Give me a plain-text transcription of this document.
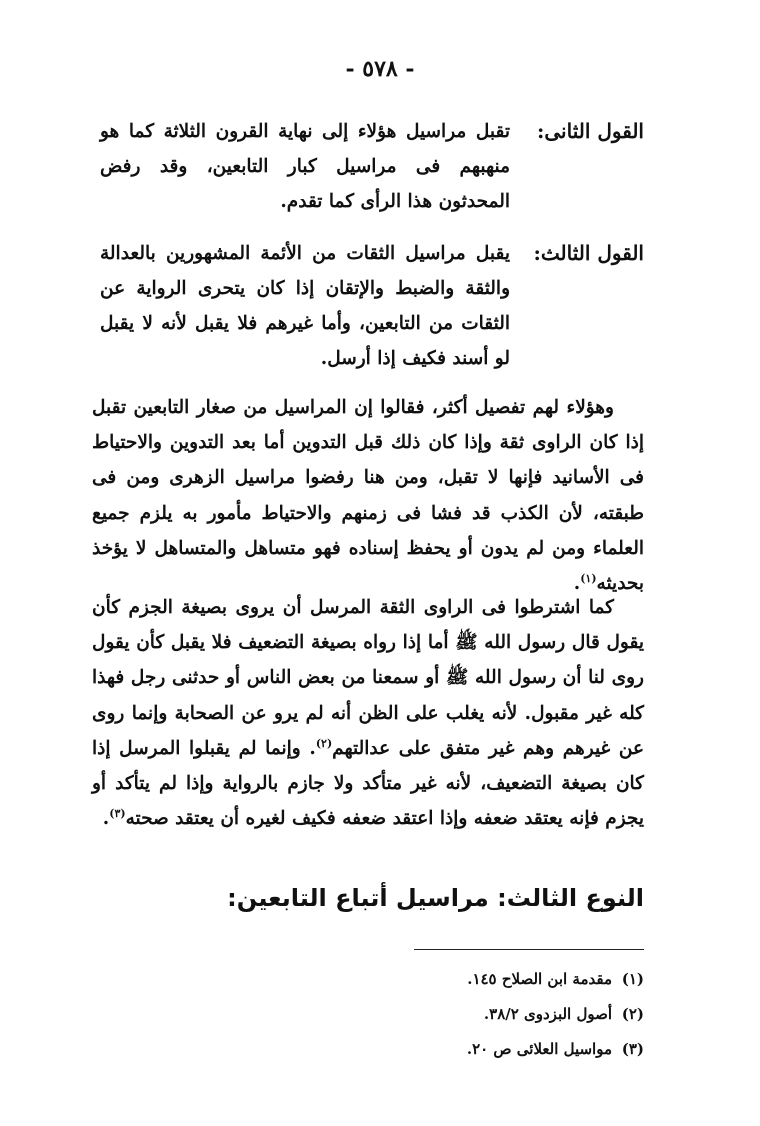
- ٥٧٨ -
القول الثانى:
تقبل مراسيل هؤلاء إلى نهاية القرون الثلاثة كما هو منهبهم فى مراسيل كبار التابعين، وقد رفض المحدثون هذا الرأى كما تقدم.
القول الثالث:
يقبل مراسيل الثقات من الأئمة المشهورين بالعدالة والثقة والضبط والإتقان إذا كان يتحرى الرواية عن الثقات من التابعين، وأما غيرهم فلا يقبل لأنه لا يقبل لو أسند فكيف إذا أرسل.
وهؤلاء لهم تفصيل أكثر، فقالوا إن المراسيل من صغار التابعين تقبل إذا كان الراوى ثقة وإذا كان ذلك قبل التدوين أما بعد التدوين والاحتياط فى الأسانيد فإنها لا تقبل، ومن هنا رفضوا مراسيل الزهرى ومن فى طبقته، لأن الكذب قد فشا فى زمنهم والاحتياط مأمور به يلزم جميع العلماء ومن لم يدون أو يحفظ إسناده فهو متساهل والمتساهل لا يؤخذ بحديثه$^{(١)}$.
كما اشترطوا فى الراوى الثقة المرسل أن يروى بصيغة الجزم كأن يقول قال رسول الله ﷺ أما إذا رواه بصيغة التضعيف فلا يقبل كأن يقول روى لنا أن رسول الله ﷺ أو سمعنا من بعض الناس أو حدثنى رجل فهذا كله غير مقبول. لأنه يغلب على الظن أنه لم يرو عن الصحابة وإنما روى عن غيرهم وهم غير متفق على عدالتهم$^{(٢)}$. وإنما لم يقبلوا المرسل إذا كان بصيغة التضعيف، لأنه غير متأكد ولا جازم بالرواية وإذا لم يتأكد أو يجزم فإنه يعتقد ضعفه وإذا اعتقد ضعفه فكيف لغيره أن يعتقد صحته$^{(٣)}$.
النوع الثالث: مراسيل أتباع التابعين:
(١)مقدمة ابن الصلاح ١٤٥.
(٢)أصول البزدوى ٣٨/٢.
(٣)مواسيل العلائى ص ٢٠.
